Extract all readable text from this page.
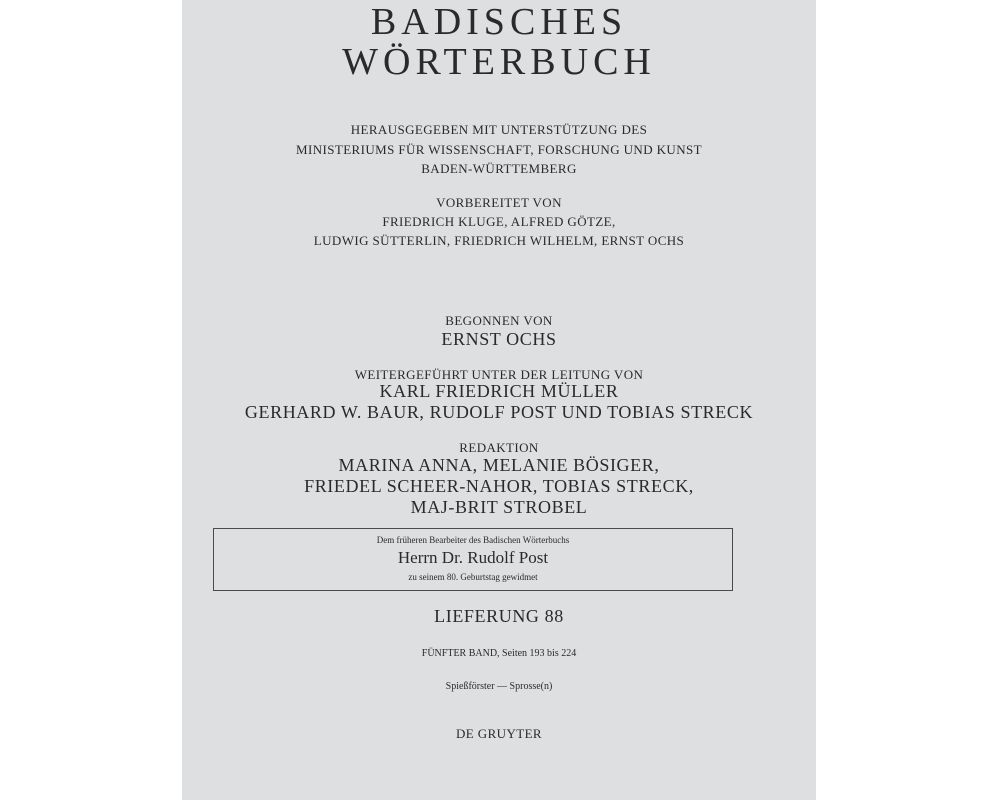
BADISCHES
WÖRTERBUCH
HERAUSGEGEBEN MIT UNTERSTÜTZUNG DES
MINISTERIUMS FÜR WISSENSCHAFT, FORSCHUNG UND KUNST
BADEN-WÜRTTEMBERG
VORBEREITET VON
FRIEDRICH KLUGE, ALFRED GÖTZE,
LUDWIG SÜTTERLIN, FRIEDRICH WILHELM, ERNST OCHS
BEGONNEN VON
ERNST OCHS
WEITERGEFÜHRT UNTER DER LEITUNG VON
KARL FRIEDRICH MÜLLER
GERHARD W. BAUR, RUDOLF POST UND TOBIAS STRECK
REDAKTION
MARINA ANNA, MELANIE BÖSIGER,
FRIEDEL SCHEER-NAHOR, TOBIAS STRECK,
MAJ-BRIT STROBEL
Dem früheren Bearbeiter des Badischen Wörterbuchs
Herrn Dr. Rudolf Post
zu seinem 80. Geburtstag gewidmet
LIEFERUNG 88
FÜNFTER BAND, Seiten 193 bis 224
Spießförster — Sprosse(n)
DE GRUYTER
